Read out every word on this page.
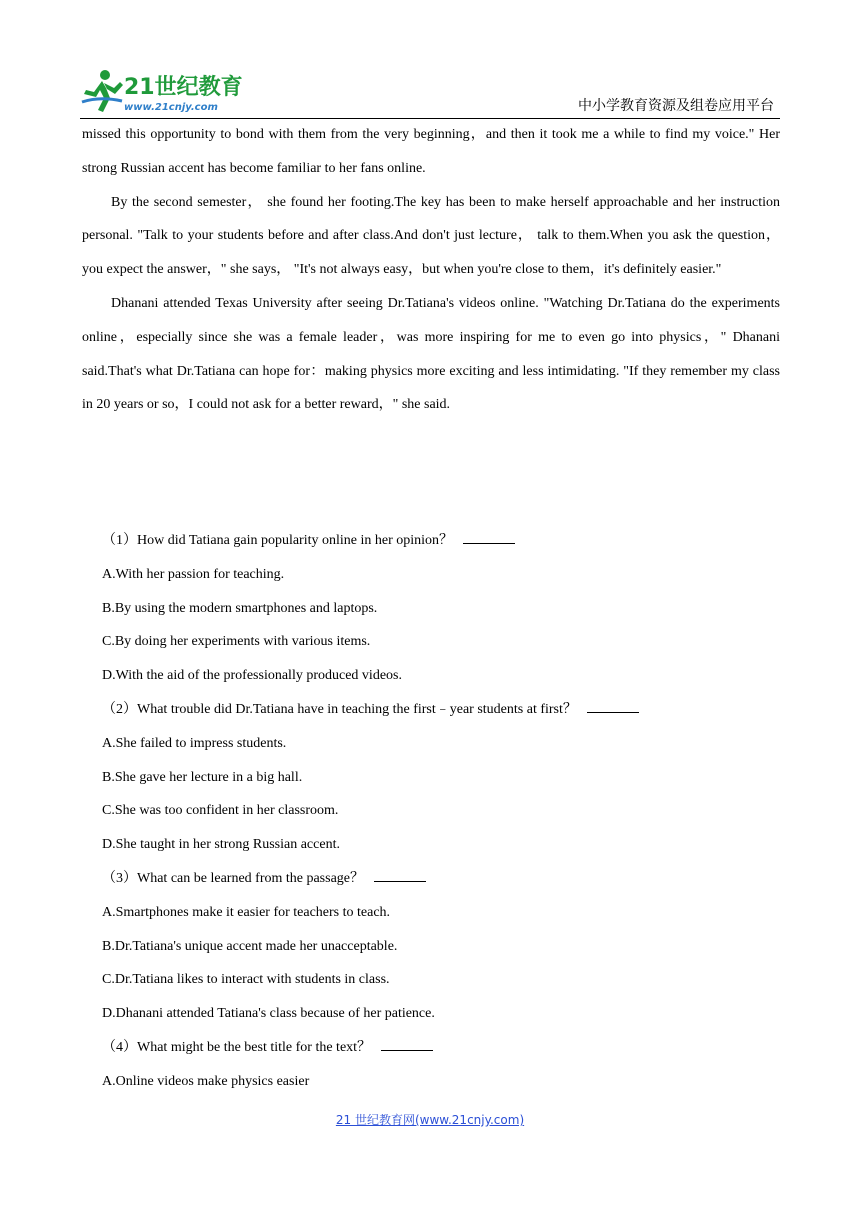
21世纪教育
www.21cnjy.com	中小学教育资源及组卷应用平台

missed this opportunity to bond with them from the very beginning，and then it took me a while to find my voice." Her strong Russian accent has become familiar to her fans online.

By the second semester， she found her footing.The key has been to make herself approachable and her instruction personal. "Talk to your students before and after class.And don't just lecture， talk to them.When you ask the question，you expect the answer，" she says， "It's not always easy，but when you're close to them，it's definitely easier."

Dhanani attended Texas University after seeing Dr.Tatiana's videos online. "Watching Dr.Tatiana do the experiments online，especially since she was a female leader，was more inspiring for me to even go into physics，" Dhanani said.That's what Dr.Tatiana can hope for：making physics more exciting and less intimidating. "If they remember my class in 20 years or so，I could not ask for a better reward，" she said.

（1）How did Tatiana gain popularity online in her opinion？
A.With her passion for teaching.
B.By using the modern smartphones and laptops.
C.By doing her experiments with various items.
D.With the aid of the professionally produced videos.
（2）What trouble did Dr.Tatiana have in teaching the first﹣year students at first？
A.She failed to impress students.
B.She gave her lecture in a big hall.
C.She was too confident in her classroom.
D.She taught in her strong Russian accent.
（3）What can be learned from the passage？
A.Smartphones make it easier for teachers to teach.
B.Dr.Tatiana's unique accent made her unacceptable.
C.Dr.Tatiana likes to interact with students in class.
D.Dhanani attended Tatiana's class because of her patience.
（4）What might be the best title for the text？
A.Online videos make physics easier
21 世纪教育网(www.21cnjy.com)
